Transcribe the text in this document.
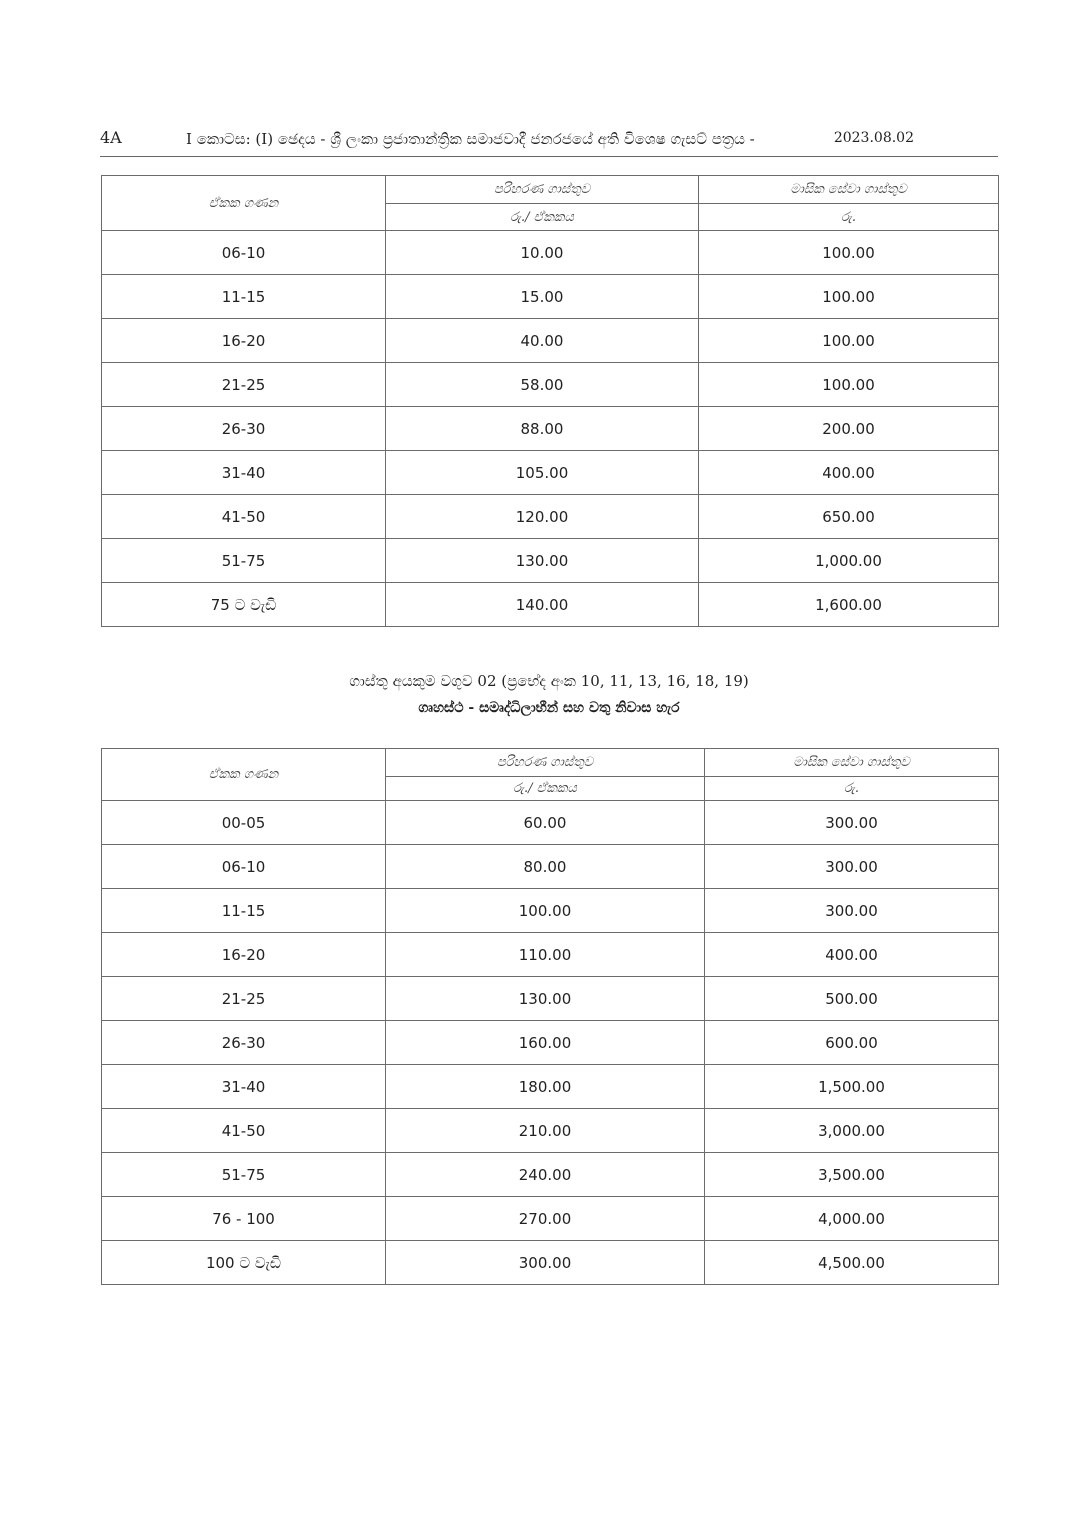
4A	I කොටස: (I) ඡෙදය - ශ්‍රී ලංකා ප්‍රජාතාන්ත්‍රික සමාජවාදී ජනරජයේ අති විශෙෂ ගැසට් පත්‍රය -	2023.08.02
ඒකක ගණන	පරිහරණ ගාස්තුව	මාසික සේවා ගාස්තුව
	රු./ ඒකකය	රු.
06-10	10.00	100.00
11-15	15.00	100.00
16-20	40.00	100.00
21-25	58.00	100.00
26-30	88.00	200.00
31-40	105.00	400.00
41-50	120.00	650.00
51-75	130.00	1,000.00
75 ට වැඩි	140.00	1,600.00
ගාස්තු අයකුම වගුව 02 (ප්‍රභේද අංක 10, 11, 13, 16, 18, 19)
ගෘහස්ථ - සමෘද්ධිලාභීන් සහ වතු නිවාස හැර
ඒකක ගණන	පරිහරණ ගාස්තුව	මාසික සේවා ගාස්තුව
	රු./ ඒකකය	රු.
00-05	60.00	300.00
06-10	80.00	300.00
11-15	100.00	300.00
16-20	110.00	400.00
21-25	130.00	500.00
26-30	160.00	600.00
31-40	180.00	1,500.00
41-50	210.00	3,000.00
51-75	240.00	3,500.00
76 - 100	270.00	4,000.00
100 ට වැඩි	300.00	4,500.00
